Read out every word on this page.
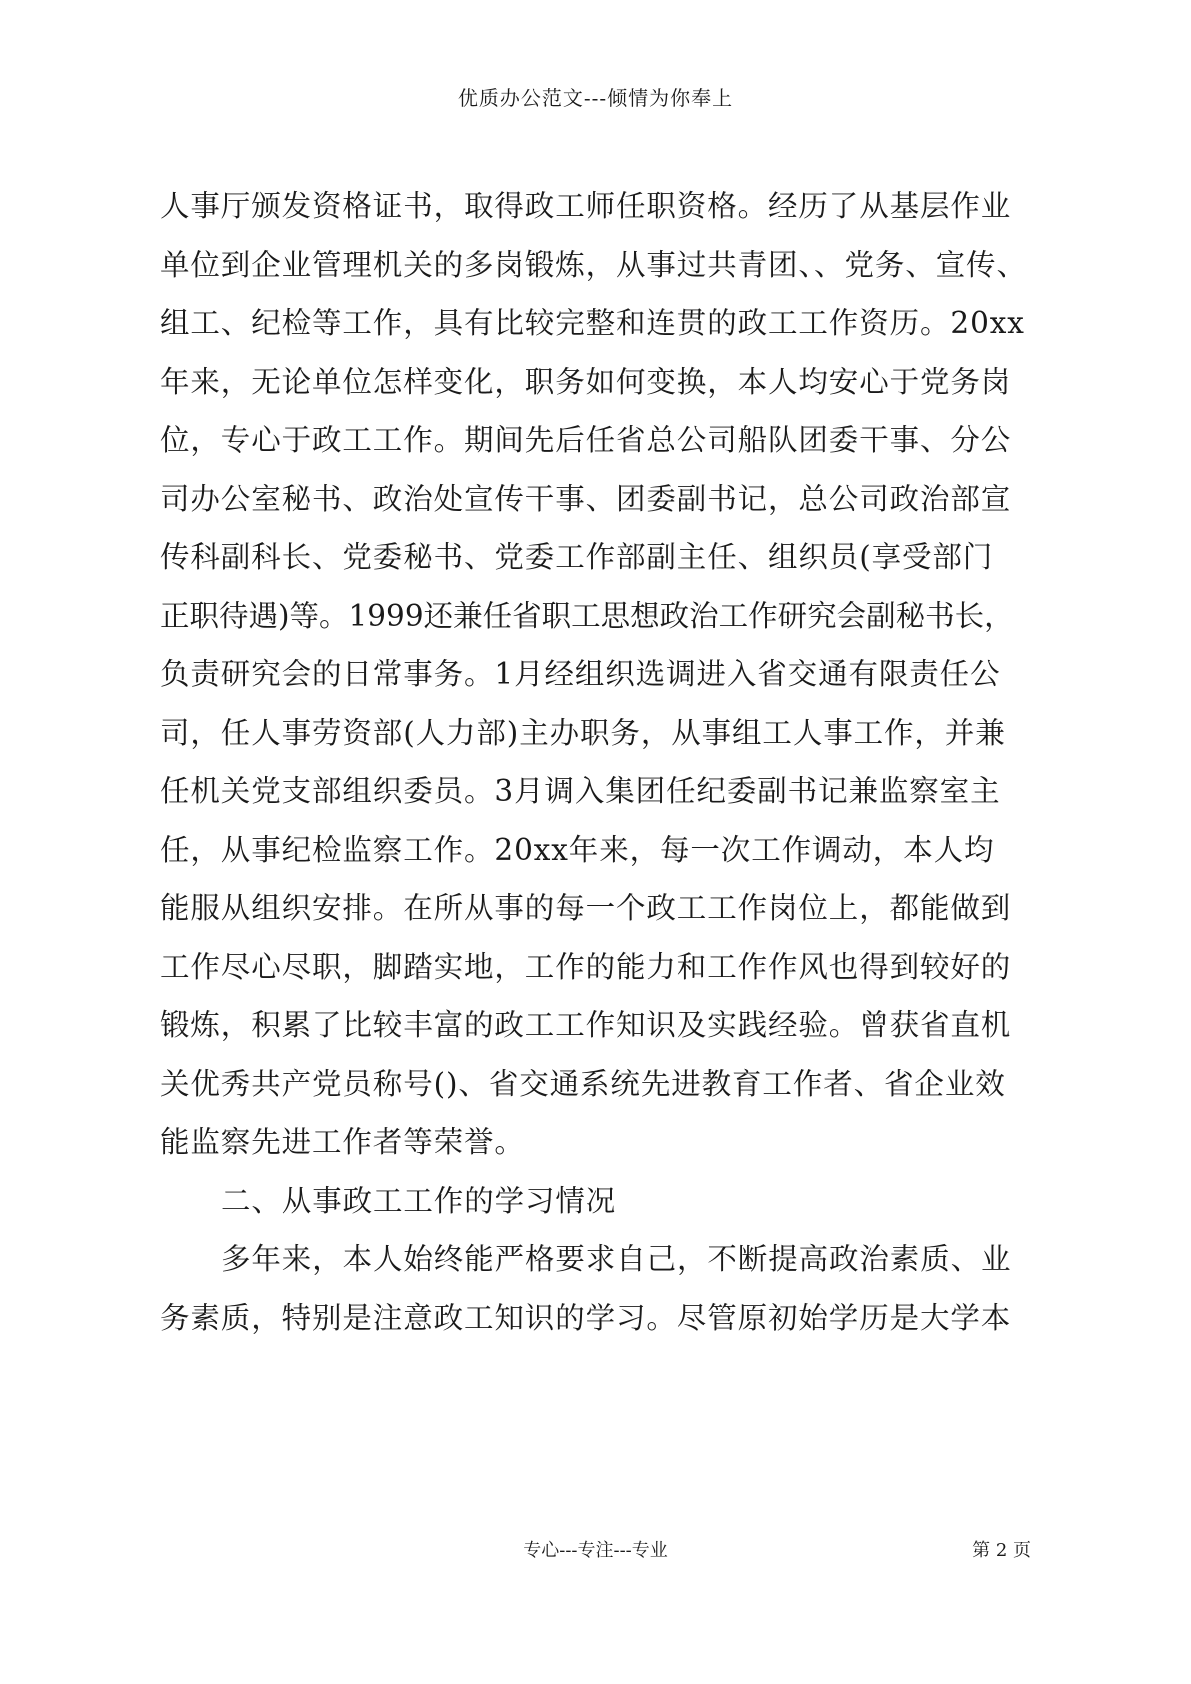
优质办公范文---倾情为你奉上
人事厅颁发资格证书，取得政工师任职资格。经历了从基层作业
单位到企业管理机关的多岗锻炼，从事过共青团、、党务、宣传、
组工、纪检等工作，具有比较完整和连贯的政工工作资历。20xx
年来，无论单位怎样变化，职务如何变换，本人均安心于党务岗
位，专心于政工工作。期间先后任省总公司船队团委干事、分公
司办公室秘书、政治处宣传干事、团委副书记，总公司政治部宣
传科副科长、党委秘书、党委工作部副主任、组织员(享受部门
正职待遇)等。1999还兼任省职工思想政治工作研究会副秘书长，
负责研究会的日常事务。1月经组织选调进入省交通有限责任公
司，任人事劳资部(人力部)主办职务，从事组工人事工作，并兼
任机关党支部组织委员。3月调入集团任纪委副书记兼监察室主
任，从事纪检监察工作。20xx年来，每一次工作调动，本人均
能服从组织安排。在所从事的每一个政工工作岗位上，都能做到
工作尽心尽职，脚踏实地，工作的能力和工作作风也得到较好的
锻炼，积累了比较丰富的政工工作知识及实践经验。曾获省直机
关优秀共产党员称号()、省交通系统先进教育工作者、省企业效
能监察先进工作者等荣誉。
二、从事政工工作的学习情况
多年来，本人始终能严格要求自己，不断提高政治素质、业
务素质，特别是注意政工知识的学习。尽管原初始学历是大学本
专心---专注---专业	第 2 页
